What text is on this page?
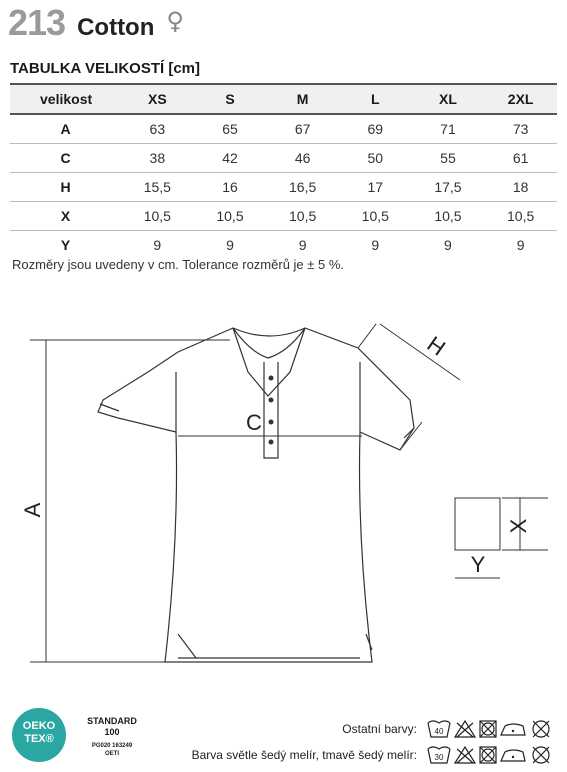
213 Cotton ♀
TABULKA VELIKOSTÍ [cm]
velikost	XS	S	M	L	XL	2XL
A	63	65	67	69	71	73
C	38	42	46	50	55	61
H	15,5	16	16,5	17	17,5	18
X	10,5	10,5	10,5	10,5	10,5	10,5
Y	9	9	9	9	9	9
Rozměry jsou uvedeny v cm. Tolerance rozměrů je ± 5 %.
A
C
H
X
Y
OEKO
TEX®
STANDARD
100
PG020 163249
OETI
Ostatní barvy: 40
Barva světle šedý melír, tmavě šedý melír: 30
